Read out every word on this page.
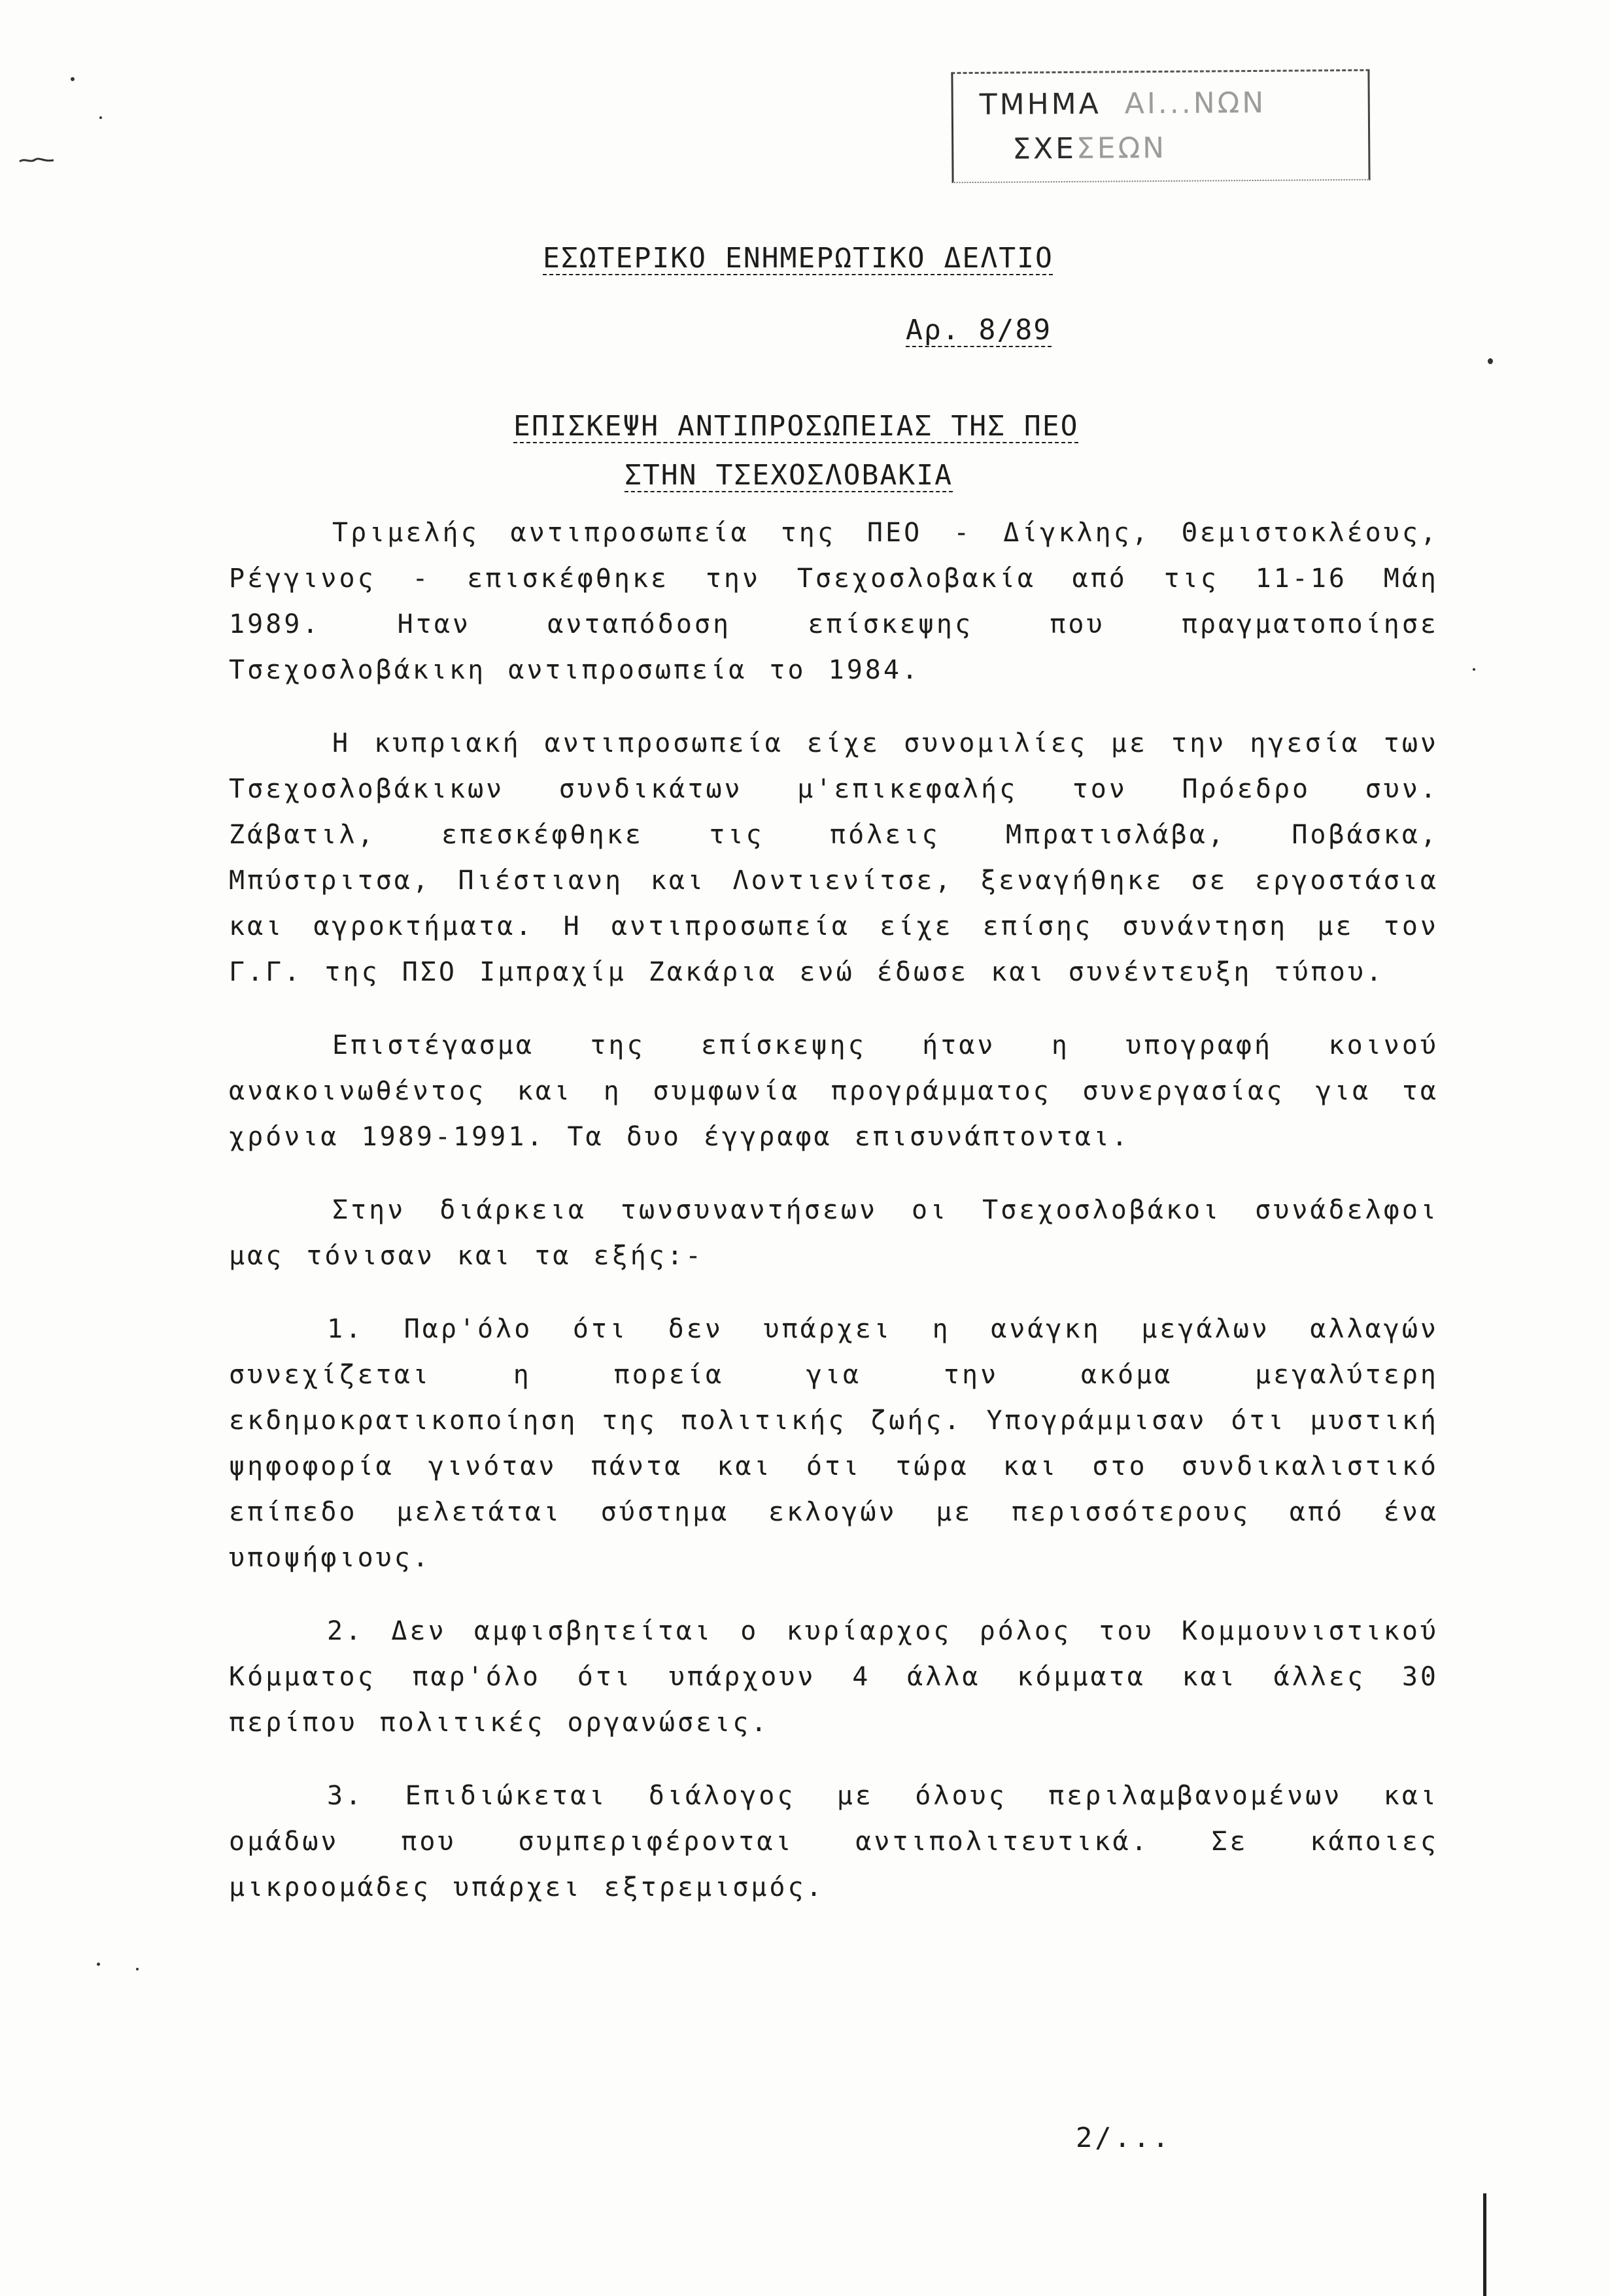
ΤΜΗΜΑ ΑΙ...ΝΩΝ
ΣΧΕΣΕΩΝ
ΕΣΩΤΕΡΙΚΟ ΕΝΗΜΕΡΩΤΙΚΟ ΔΕΛΤΙΟ
Αρ. 8/89
ΕΠΙΣΚΕΨΗ ΑΝΤΙΠΡΟΣΩΠΕΙΑΣ ΤΗΣ ΠΕΟ
ΣΤΗΝ ΤΣΕΧΟΣΛΟΒΑΚΙΑ

Τριμελής αντιπροσωπεία της ΠΕΟ - Δίγκλης, Θεμιστοκλέους, Ρέγγινος - επισκέφθηκε την Τσεχοσλοβακία από τις 11-16 Μάη 1989. Ηταν ανταπόδοση επίσκεψης που πραγματοποίησε Τσεχοσλοβάκικη αντιπροσωπεία το 1984.

Η κυπριακή αντιπροσωπεία είχε συνομιλίες με την ηγεσία των Τσεχοσλοβάκικων συνδικάτων μ'επικεφαλής τον Πρόεδρο συν. Ζάβατιλ, επεσκέφθηκε τις πόλεις Μπρατισλάβα, Ποβάσκα, Μπύστριτσα, Πιέστιανη και Λοντιενίτσε, ξεναγήθηκε σε εργοστάσια και αγροκτήματα. Η αντιπροσωπεία είχε επίσης συνάντηση με τον Γ.Γ. της ΠΣΟ Ιμπραχίμ Ζακάρια ενώ έδωσε και συνέντευξη τύπου.

Επιστέγασμα της επίσκεψης ήταν η υπογραφή κοινού ανακοινωθέντος και η συμφωνία προγράμματος συνεργασίας για τα χρόνια 1989-1991. Τα δυο έγγραφα επισυνάπτονται.

Στην διάρκεια τωνσυναντήσεων οι Τσεχοσλοβάκοι συνάδελφοι μας τόνισαν και τα εξής:-

1. Παρ'όλο ότι δεν υπάρχει η ανάγκη μεγάλων αλλαγών συνεχίζεται η πορεία για την ακόμα μεγαλύτερη εκδημοκρατικοποίηση της πολιτικής ζωής. Υπογράμμισαν ότι μυστική ψηφοφορία γινόταν πάντα και ότι τώρα και στο συνδικαλιστικό επίπεδο μελετάται σύστημα εκλογών με περισσότερους από ένα υποψήφιους.

2. Δεν αμφισβητείται ο κυρίαρχος ρόλος του Κομμουνιστικού Κόμματος παρ'όλο ότι υπάρχουν 4 άλλα κόμματα και άλλες 30 περίπου πολιτικές οργανώσεις.

3. Επιδιώκεται διάλογος με όλους περιλαμβανομένων και ομάδων που συμπεριφέρονται αντιπολιτευτικά. Σε κάποιες μικροομάδες υπάρχει εξτρεμισμός.

2/...
